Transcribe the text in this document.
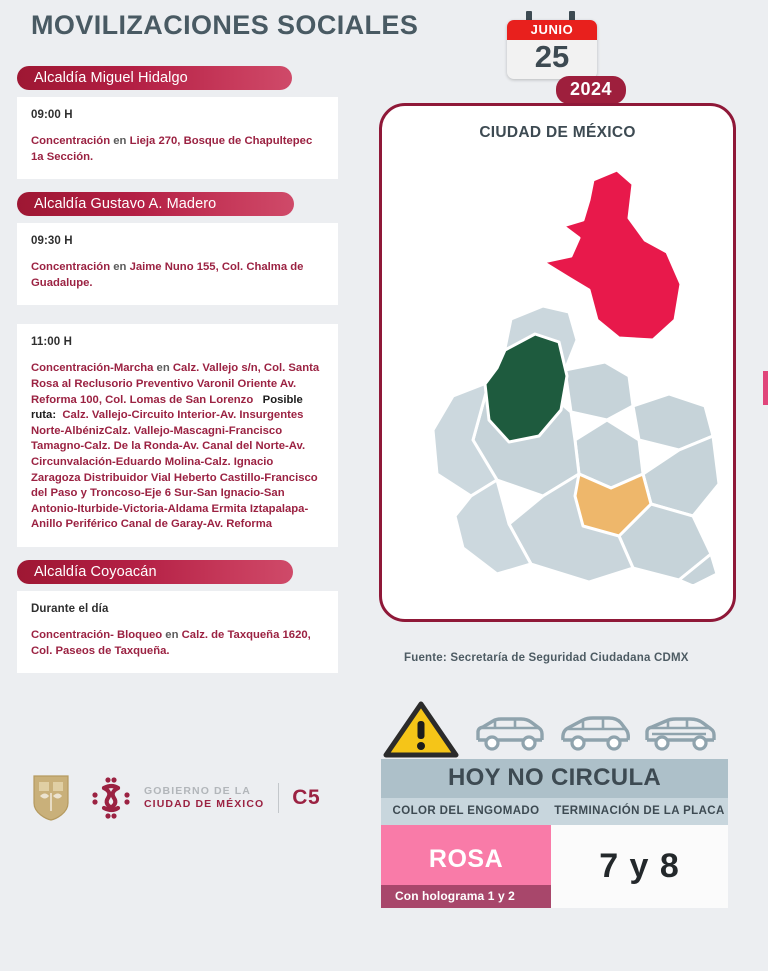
MOVILIZACIONES SOCIALES	JUNIO
25
2024
Alcaldía Miguel Hidalgo
09:00 H
Concentración en Lieja 270, Bosque de Chapultepec 1a Sección.
Alcaldía Gustavo A. Madero
09:30 H
Concentración en Jaime Nuno 155, Col. Chalma de Guadalupe.
11:00 H
Concentración-Marcha en Calz. Vallejo s/n, Col. Santa Rosa al Reclusorio Preventivo Varonil Oriente Av. Reforma 100, Col. Lomas de San Lorenzo Posible ruta: Calz. Vallejo-Circuito Interior-Av. Insurgentes Norte-AlbénizCalz. Vallejo-Mascagni-Francisco Tamagno-Calz. De la Ronda-Av. Canal del Norte-Av. Circunvalación-Eduardo Molina-Calz. Ignacio Zaragoza Distribuidor Vial Heberto Castillo-Francisco del Paso y Troncoso-Eje 6 Sur-San Ignacio-San Antonio-Iturbide-Victoria-Aldama Ermita Iztapalapa-Anillo Periférico Canal de Garay-Av. Reforma
Alcaldía Coyoacán
Durante el día
Concentración- Bloqueo en Calz. de Taxqueña 1620, Col. Paseos de Taxqueña.
GOBIERNO DE LA
CIUDAD DE MÉXICO C5
CIUDAD DE MÉXICO
Fuente: Secretaría de Seguridad Ciudadana CDMX
HOY NO CIRCULA
COLOR DEL ENGOMADO	TERMINACIÓN DE LA PLACA
ROSA
Con holograma 1 y 2
7 y 8
